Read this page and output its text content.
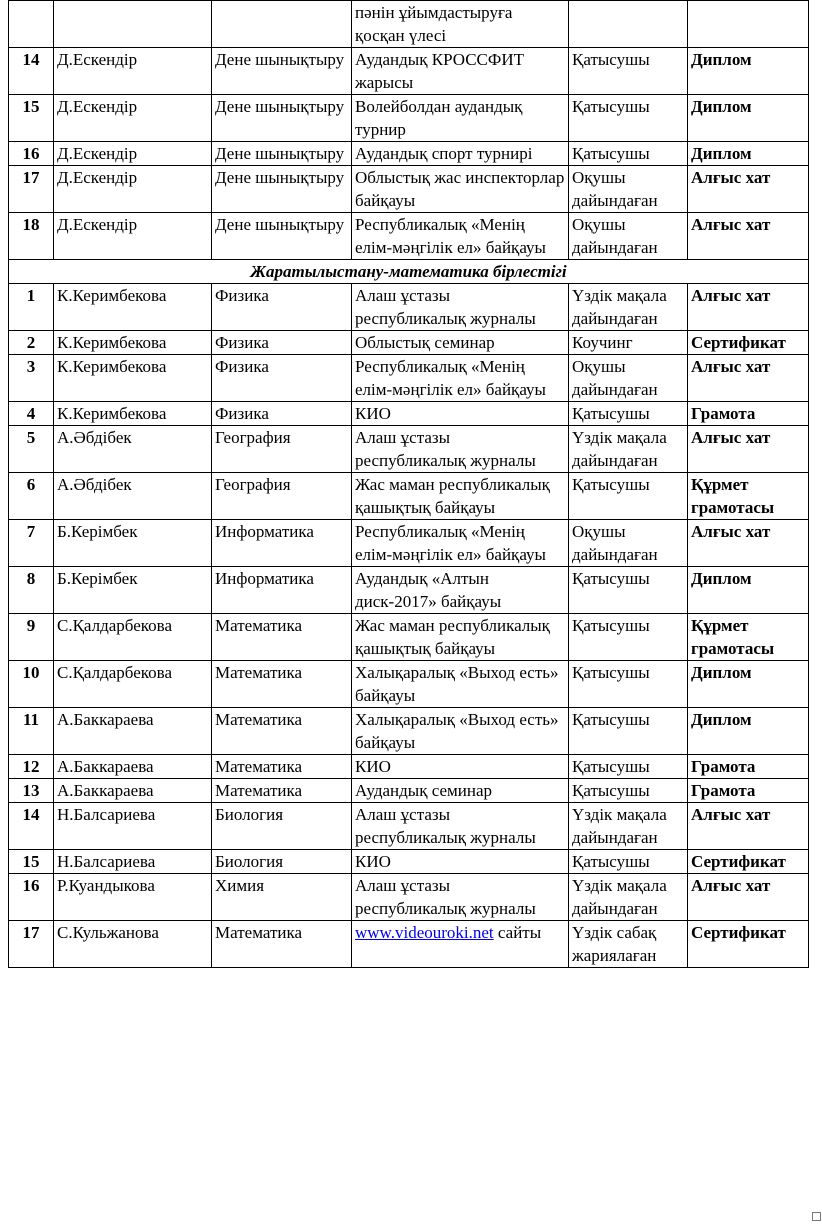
			пәнін ұйымдастыруға қосқан үлесі		
14	Д.Ескендір	Дене шынықтыру	Аудандық КРОССФИТ жарысы	Қатысушы	Диплом
15	Д.Ескендір	Дене шынықтыру	Волейболдан аудандық турнир	Қатысушы	Диплом
16	Д.Ескендір	Дене шынықтыру	Аудандық спорт турнирі	Қатысушы	Диплом
17	Д.Ескендір	Дене шынықтыру	Облыстық жас инспекторлар байқауы	Оқушы дайындаған	Алғыс хат
18	Д.Ескендір	Дене шынықтыру	Республикалық «Менің елім-мәңгілік ел» байқауы	Оқушы дайындаған	Алғыс хат
Жаратылыстану-математика бірлестігі					
1	К.Керимбекова	Физика	Алаш ұстазы республикалық журналы	Үздік мақала дайындаған	Алғыс хат
2	К.Керимбекова	Физика	Облыстық семинар	Коучинг	Сертификат
3	К.Керимбекова	Физика	Республикалық «Менің елім-мәңгілік ел» байқауы	Оқушы дайындаған	Алғыс хат
4	К.Керимбекова	Физика	КИО	Қатысушы	Грамота
5	А.Әбдібек	География	Алаш ұстазы республикалық журналы	Үздік мақала дайындаған	Алғыс хат
6	А.Әбдібек	География	Жас маман республикалық қашықтық байқауы	Қатысушы	Құрмет грамотасы
7	Б.Керімбек	Информатика	Республикалық «Менің елім-мәңгілік ел» байқауы	Оқушы дайындаған	Алғыс хат
8	Б.Керімбек	Информатика	Аудандық «Алтын диск-2017» байқауы	Қатысушы	Диплом
9	С.Қалдарбекова	Математика	Жас маман республикалық қашықтық байқауы	Қатысушы	Құрмет грамотасы
10	С.Қалдарбекова	Математика	Халықаралық «Выход есть» байқауы	Қатысушы	Диплом
11	А.Баккараева	Математика	Халықаралық «Выход есть» байқауы	Қатысушы	Диплом
12	А.Баккараева	Математика	КИО	Қатысушы	Грамота
13	А.Баккараева	Математика	Аудандық семинар	Қатысушы	Грамота
14	Н.Балсариева	Биология	Алаш ұстазы республикалық журналы	Үздік мақала дайындаған	Алғыс хат
15	Н.Балсариева	Биология	КИО	Қатысушы	Сертификат
16	Р.Куандыкова	Химия	Алаш ұстазы республикалық журналы	Үздік мақала дайындаған	Алғыс хат
17	С.Кульжанова	Математика	www.videouroki.net сайты	Үздік сабақ жариялаған	Сертификат
